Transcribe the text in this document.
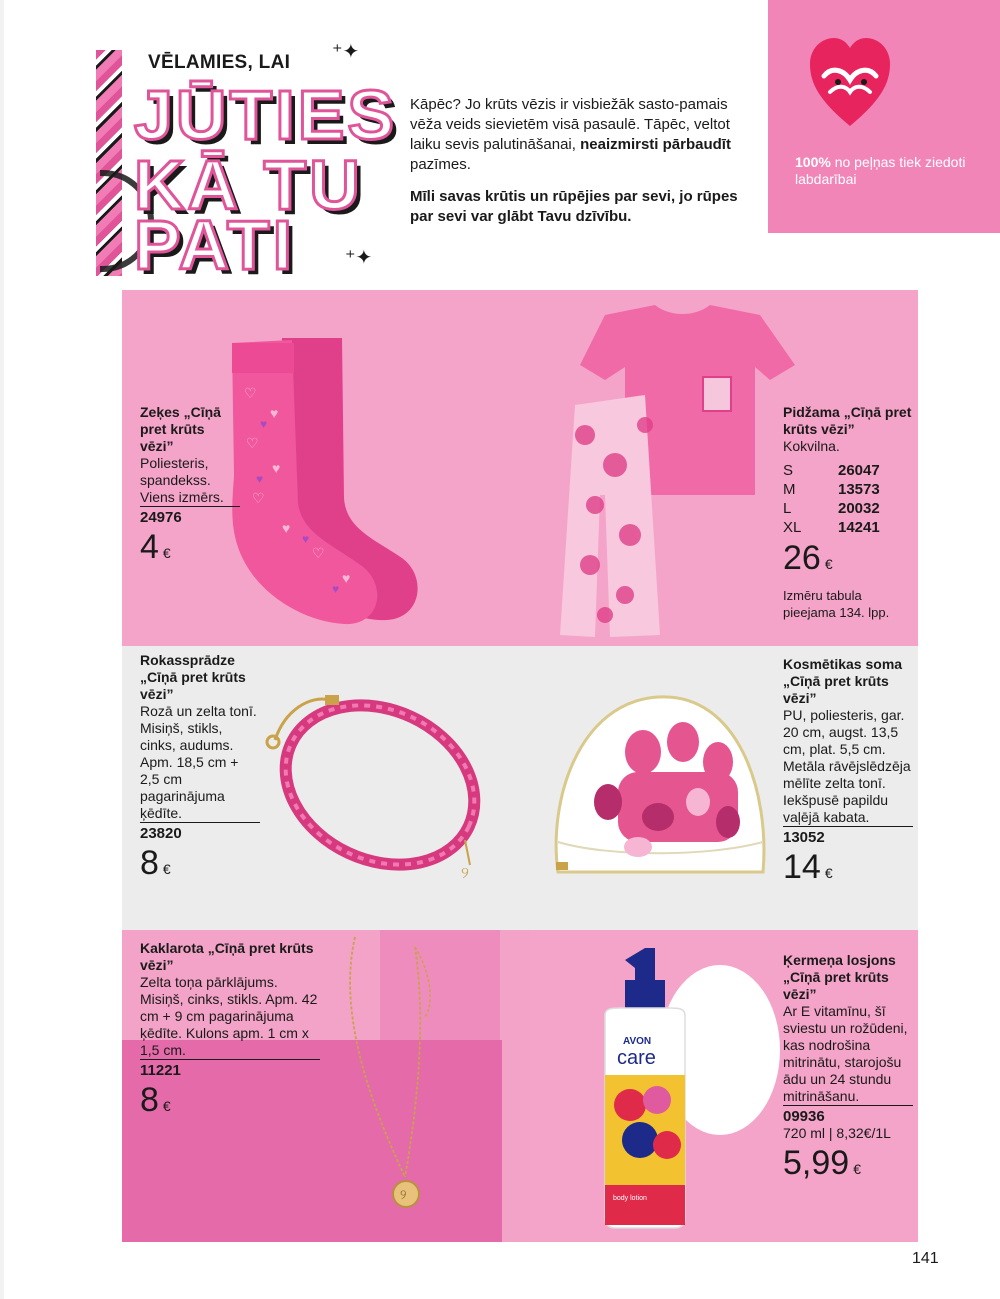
VĒLAMIES, LAI
JŪTIES
KĀ TU
PATI
⁺✦
⁺✦

Kāpēc? Jo krūts vēzis ir visbiežāk sasto-pamais vēža veids sievietēm visā pasaulē. Tāpēc, veltot laiku sevis palutināšanai, neaizmirsti pārbaudīt pazīmes.

Mīli savas krūtis un rūpējies par sevi, jo rūpes par sevi var glābt Tavu dzīvību.

100% no peļņas tiek ziedoti labdarībai
♡
♥
♡
♥
♡
♥
♡
♥
♥
♥
♥
♥
Zeķes „Cīņā pret krūts vēzi”
Poliesteris, spandekss. Viens izmērs.
24976
4 €
Pidžama „Cīņā pret krūts vēzi”
Kokvilna.
S	26047
M	13573
L	20032
XL	14241
26 €
Izmēru tabula pieejama 134. lpp.
୨
Rokassprādze „Cīņā pret krūts vēzi”
Rozā un zelta tonī. Misiņš, stikls, cinks, audums. Apm. 18,5 cm + 2,5 cm pagarinājuma ķēdīte.
23820
8 €
Kosmētikas soma „Cīņā pret krūts vēzi”
PU, poliesteris, gar. 20 cm, augst. 13,5 cm, plat. 5,5 cm. Metāla rāvējslēdzēja mēlīte zelta tonī. Iekšpusē papildu vaļējā kabata.
13052
14 €
୨
Kaklarota „Cīņā pret krūts vēzi”
Zelta toņa pārklājums. Misiņš, cinks, stikls. Apm. 42 cm + 9 cm pagarinājuma ķēdīte. Kulons apm. 1 cm x 1,5 cm.
11221
8 €
AVON
care
body lotion
Ķermeņa losjons „Cīņā pret krūts vēzi”
Ar E vitamīnu, šī sviestu un rožūdeni, kas nodrošina mitrinātu, starojošu ādu un 24 stundu mitrināšanu.
09936
720 ml | 8,32€/1L
5,99 €
141
